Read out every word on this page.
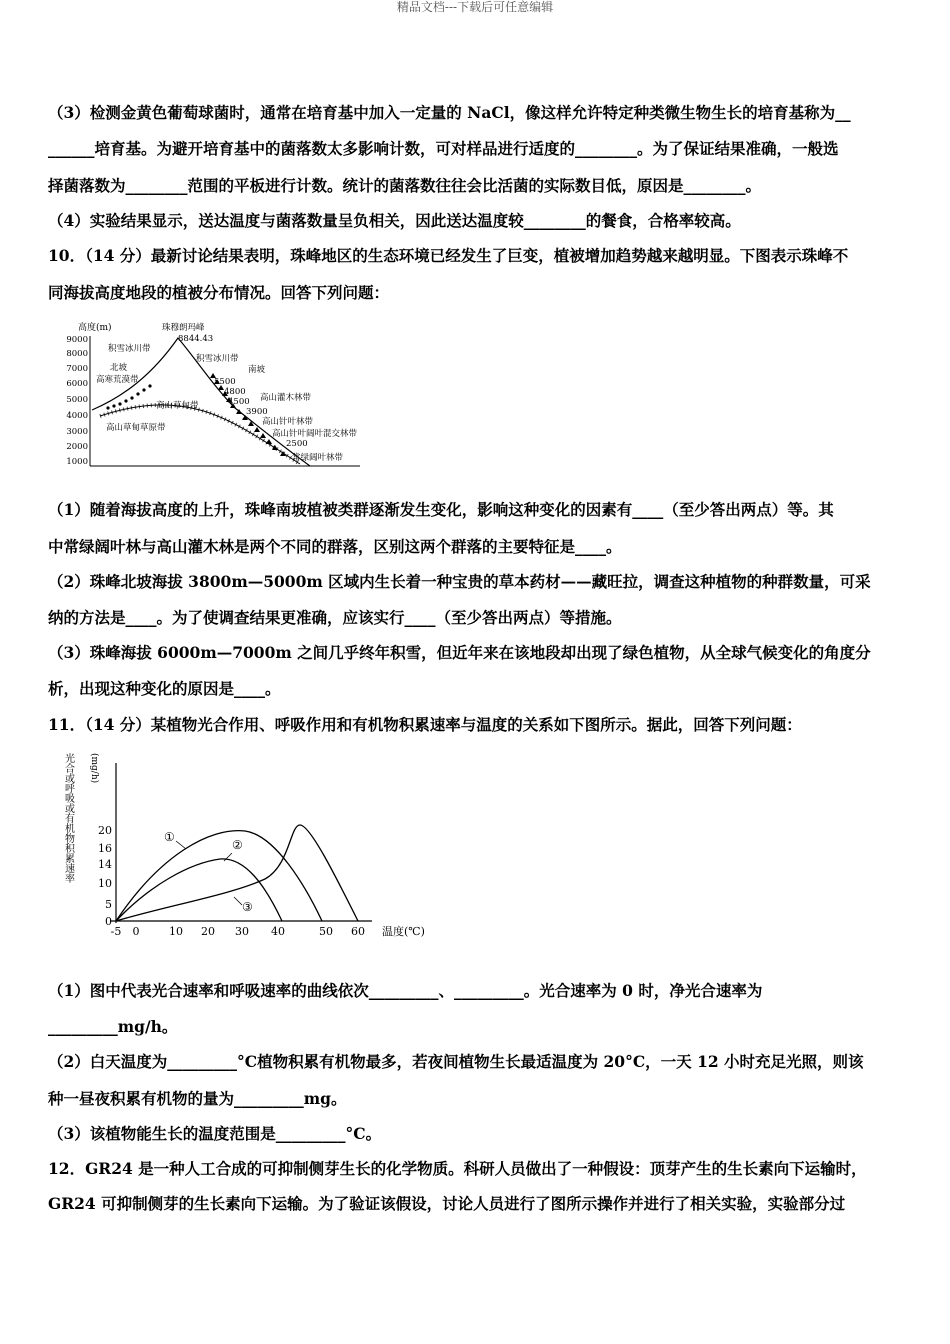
精品文档---下载后可任意编辑
（3）检测金黄色葡萄球菌时，通常在培育基中加入一定量的 NaCl，像这样允许特定种类微生物生长的培育基称为__
______培育基。为避开培育基中的菌落数太多影响计数，可对样品进行适度的________。为了保证结果准确，一般选
择菌落数为________范围的平板进行计数。统计的菌落数往往会比活菌的实际数目低，原因是________。
（4）实验结果显示，送达温度与菌落数量呈负相关，因此送达温度较________的餐食，合格率较高。
10．（14 分）最新讨论结果表明，珠峰地区的生态环境已经发生了巨变，植被增加趋势越来越明显。下图表示珠峰不
同海拔高度地段的植被分布情况。回答下列问题：
高度(m)
9000
8000
7000
6000
5000
4000
3000
2000
1000
珠穆朗玛峰
8844.43
积雪冰川带
北坡
高寒荒漠带
高山草甸带
高山草甸草原带
积雪冰川带
南坡
5500
4800
高山灌木林带
4500
3900
高山针叶林带
高山针叶阔叶混交林带
2500
常绿阔叶林带
（1）随着海拔高度的上升，珠峰南坡植被类群逐渐发生变化，影响这种变化的因素有____（至少答出两点）等。其
中常绿阔叶林与高山灌木林是两个不同的群落，区别这两个群落的主要特征是____。
（2）珠峰北坡海拔 3800m—5000m 区域内生长着一种宝贵的草本药材——藏旺拉，调查这种植物的种群数量，可采
纳的方法是____。为了使调查结果更准确，应该实行____（至少答出两点）等措施。
（3）珠峰海拔 6000m—7000m 之间几乎终年积雪，但近年来在该地段却出现了绿色植物，从全球气候变化的角度分
析，出现这种变化的原因是____。
11．（14 分）某植物光合作用、呼吸作用和有机物积累速率与温度的关系如下图所示。据此，回答下列问题：
光合或呼吸或有机物积累速率 (mg/h)
20
16
14
10
5
0
-5 0	10 20 30 40	50 60 温度(℃)
①
②
③
（1）图中代表光合速率和呼吸速率的曲线依次_________、_________。光合速率为 0 时，净光合速率为
_________mg/h。
（2）白天温度为_________°C植物积累有机物最多，若夜间植物生长最适温度为 20°C，一天 12 小时充足光照，则该
种一昼夜积累有机物的量为_________mg。
（3）该植物能生长的温度范围是_________°C。
12．GR24 是一种人工合成的可抑制侧芽生长的化学物质。科研人员做出了一种假设：顶芽产生的生长素向下运输时，
GR24 可抑制侧芽的生长素向下运输。为了验证该假设，讨论人员进行了图所示操作并进行了相关实验，实验部分过
